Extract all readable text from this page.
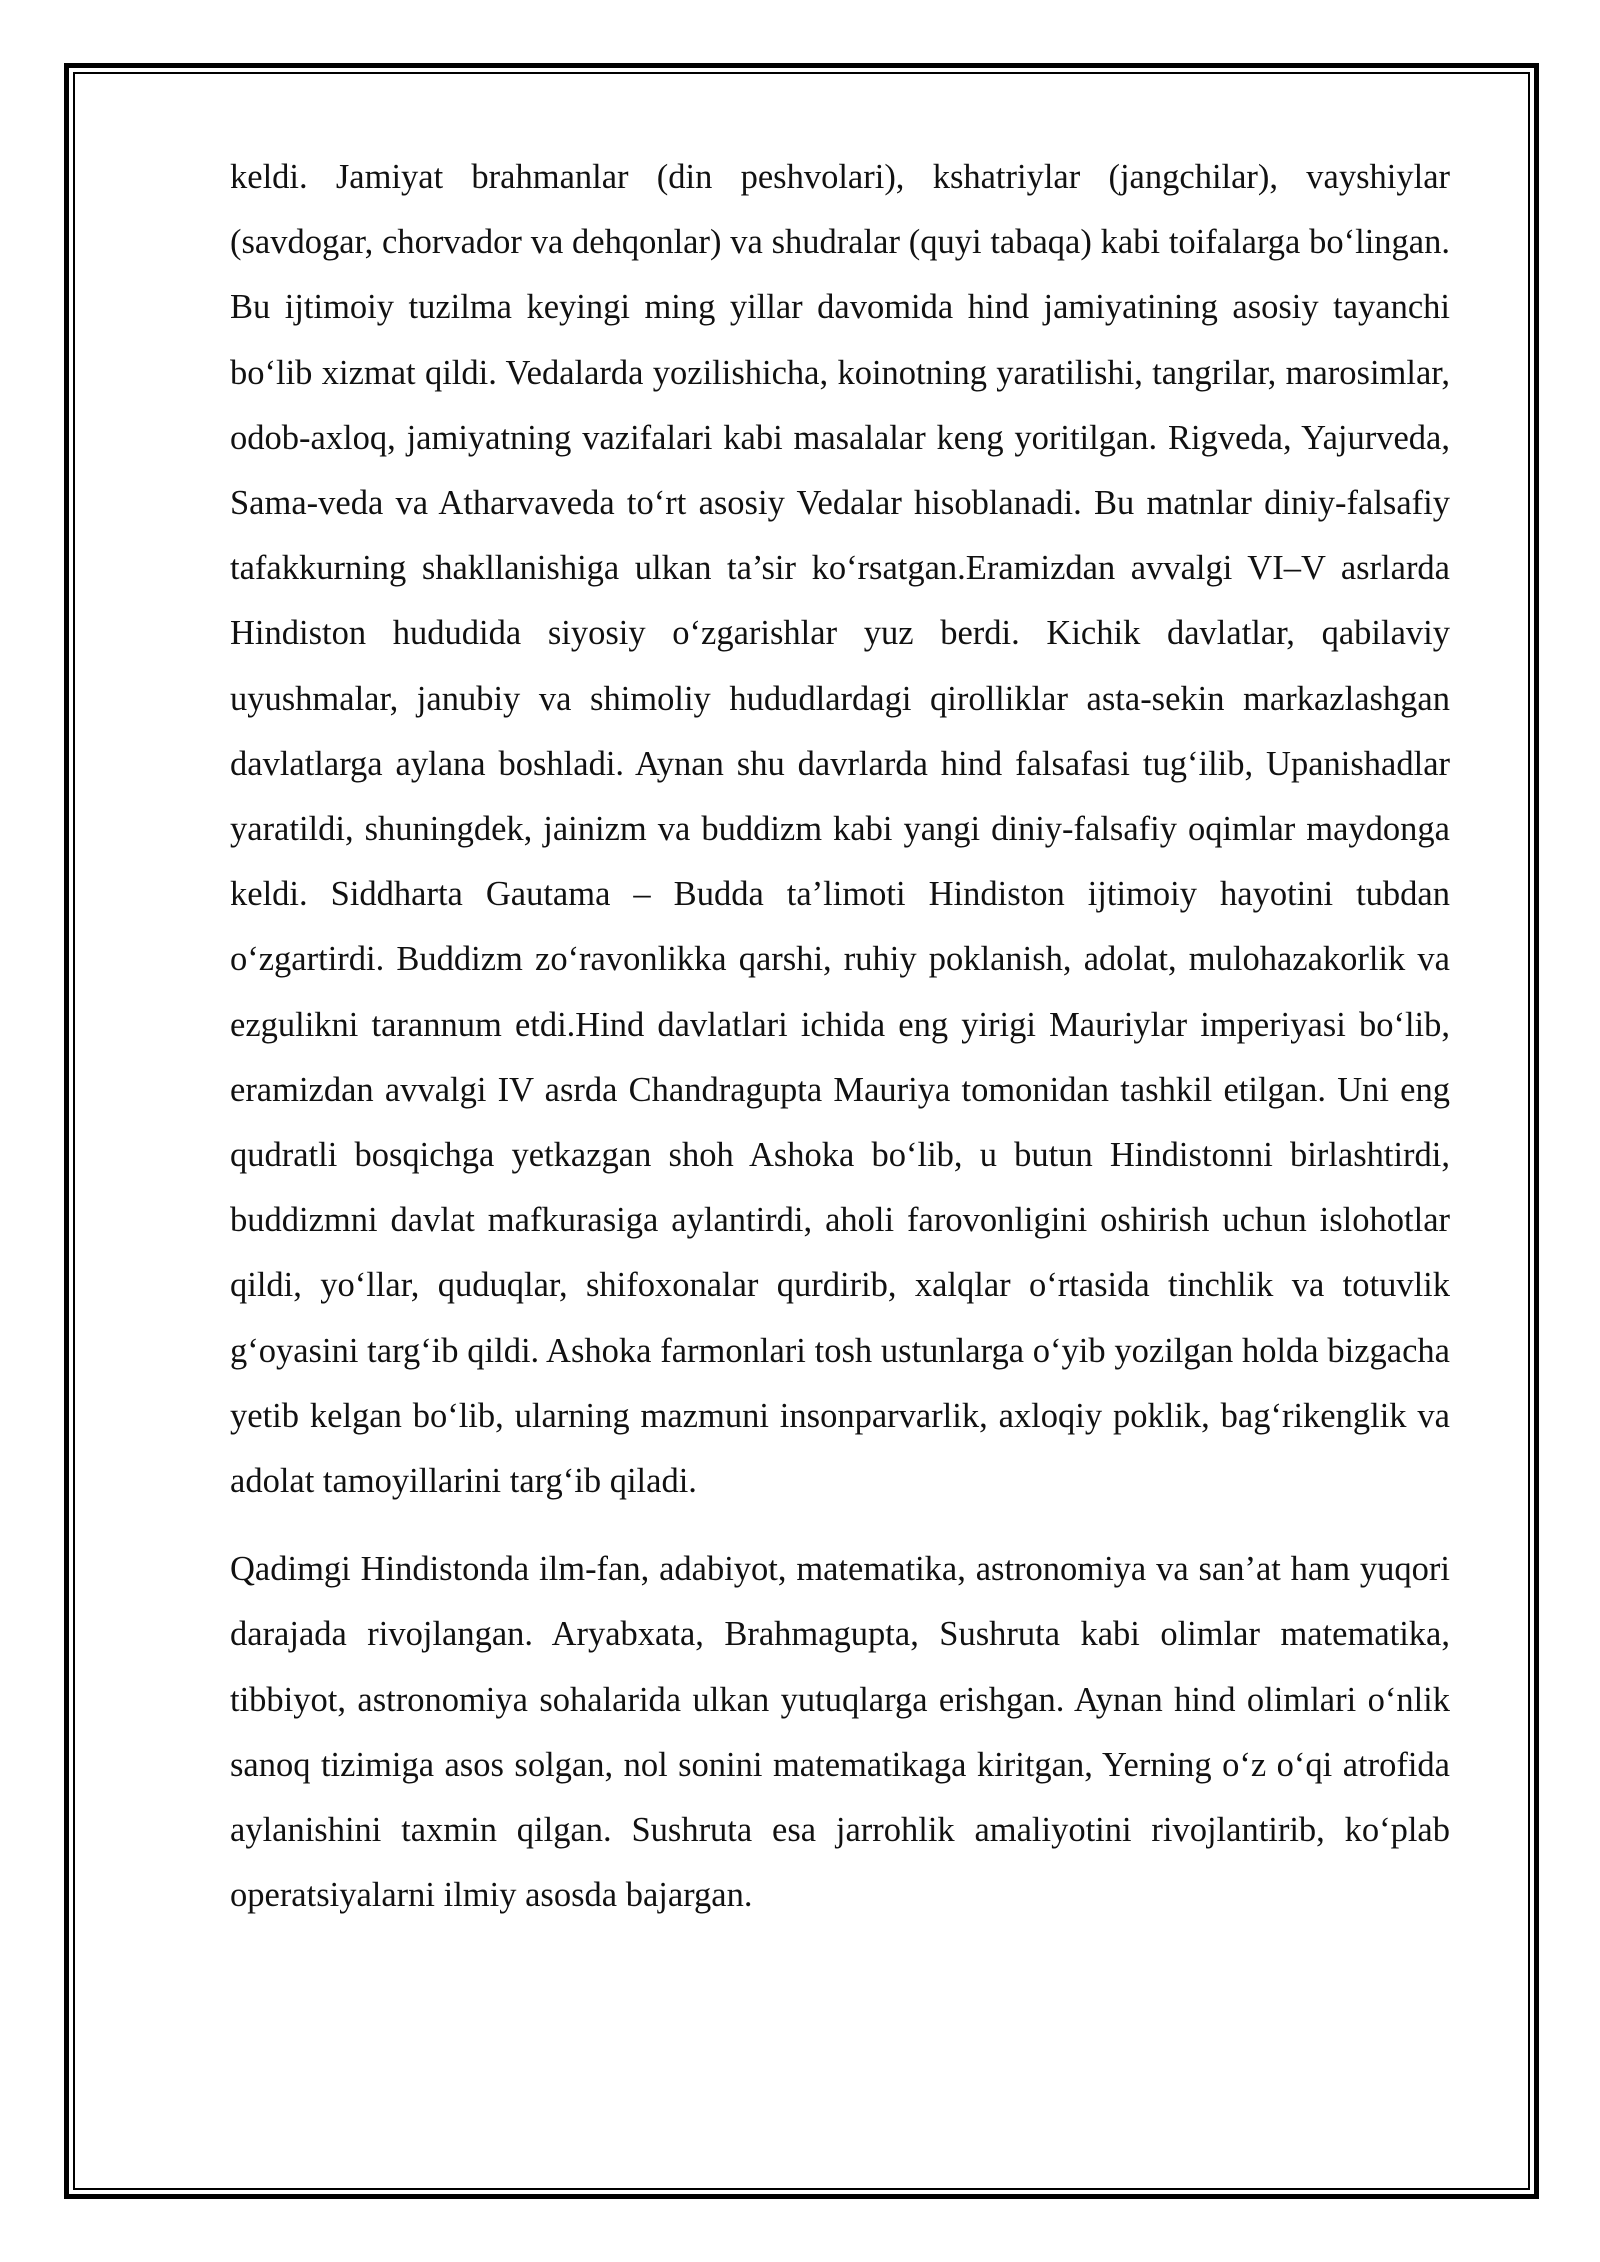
keldi. Jamiyat brahmanlar (din peshvolari), kshatriylar (jangchilar), vayshiylar (savdogar, chorvador va dehqonlar) va shudralar (quyi tabaqa) kabi toifalarga bo‘lingan. Bu ijtimoiy tuzilma keyingi ming yillar davomida hind jamiyatining asosiy tayanchi bo‘lib xizmat qildi. Vedalarda yozilishicha, koinotning yaratilishi, tangrilar, marosimlar, odob-axloq, jamiyatning vazifalari kabi masalalar keng yoritilgan. Rigveda, Yajurveda, Sama-veda va Atharvaveda to‘rt asosiy Vedalar hisoblanadi. Bu matnlar diniy-falsafiy tafakkurning shakllanishiga ulkan ta’sir ko‘rsatgan.Eramizdan avvalgi VI–V asrlarda Hindiston hududida siyosiy o‘zgarishlar yuz berdi. Kichik davlatlar, qabilaviy uyushmalar, janubiy va shimoliy hududlardagi qirolliklar asta-sekin markazlashgan davlatlarga aylana boshladi. Aynan shu davrlarda hind falsafasi tug‘ilib, Upanishadlar yaratildi, shuningdek, jainizm va buddizm kabi yangi diniy-falsafiy oqimlar maydonga keldi. Siddharta Gautama – Budda ta’limoti Hindiston ijtimoiy hayotini tubdan o‘zgartirdi. Buddizm zo‘ravonlikka qarshi, ruhiy poklanish, adolat, mulohazakorlik va ezgulikni tarannum etdi.Hind davlatlari ichida eng yirigi Mauriylar imperiyasi bo‘lib, eramizdan avvalgi IV asrda Chandragupta Mauriya tomonidan tashkil etilgan. Uni eng qudratli bosqichga yetkazgan shoh Ashoka bo‘lib, u butun Hindistonni birlashtirdi, buddizmni davlat mafkurasiga aylantirdi, aholi farovonligini oshirish uchun islohotlar qildi, yo‘llar, quduqlar, shifoxonalar qurdirib, xalqlar o‘rtasida tinchlik va totuvlik g‘oyasini targ‘ib qildi. Ashoka farmonlari tosh ustunlarga o‘yib yozilgan holda bizgacha yetib kelgan bo‘lib, ularning mazmuni insonparvarlik, axloqiy poklik, bag‘rikenglik va adolat tamoyillarini targ‘ib qiladi.

Qadimgi Hindistonda ilm-fan, adabiyot, matematika, astronomiya va san’at ham yuqori darajada rivojlangan. Aryabxata, Brahmagupta, Sushruta kabi olimlar matematika, tibbiyot, astronomiya sohalarida ulkan yutuqlarga erishgan. Aynan hind olimlari o‘nlik sanoq tizimiga asos solgan, nol sonini matematikaga kiritgan, Yerning o‘z o‘qi atrofida aylanishini taxmin qilgan. Sushruta esa jarrohlik amaliyotini rivojlantirib, ko‘plab operatsiyalarni ilmiy asosda bajargan.
